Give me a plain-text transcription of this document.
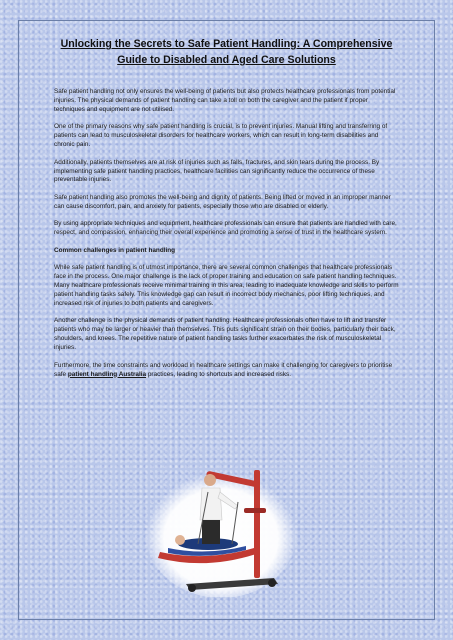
Unlocking the Secrets to Safe Patient Handling: A Comprehensive Guide to Disabled and Aged Care Solutions

Safe patient handling not only ensures the well-being of patients but also protects healthcare professionals from potential injuries. The physical demands of patient handling can take a toll on both the caregiver and the patient if proper techniques and equipment are not utilised.

One of the primary reasons why safe patient handling is crucial, is to prevent injuries. Manual lifting and transferring of patients can lead to musculoskeletal disorders for healthcare workers, which can result in long-term disabilities and chronic pain.

Additionally, patients themselves are at risk of injuries such as falls, fractures, and skin tears during the process. By implementing safe patient handling practices, healthcare facilities can significantly reduce the occurrence of these preventable injuries.

Safe patient handling also promotes the well-being and dignity of patients. Being lifted or moved in an improper manner can cause discomfort, pain, and anxiety for patients, especially those who are disabled or elderly.

By using appropriate techniques and equipment, healthcare professionals can ensure that patients are handled with care, respect, and compassion, enhancing their overall experience and promoting a sense of trust in the healthcare system.

Common challenges in patient handling

While safe patient handling is of utmost importance, there are several common challenges that healthcare professionals face in the process. One major challenge is the lack of proper training and education on safe patient handling techniques. Many healthcare professionals receive minimal training in this area, leading to inadequate knowledge and skills to perform patient handling tasks safely. This knowledge gap can result in incorrect body mechanics, poor lifting techniques, and increased risk of injuries to both patients and caregivers.

Another challenge is the physical demands of patient handling. Healthcare professionals often have to lift and transfer patients who may be larger or heavier than themselves. This puts significant strain on their bodies, particularly their back, shoulders, and knees. The repetitive nature of patient handling tasks further exacerbates the risk of musculoskeletal injuries.

Furthermore, the time constraints and workload in healthcare settings can make it challenging for caregivers to prioritise safe patient handling Australia practices, leading to shortcuts and increased risks.
